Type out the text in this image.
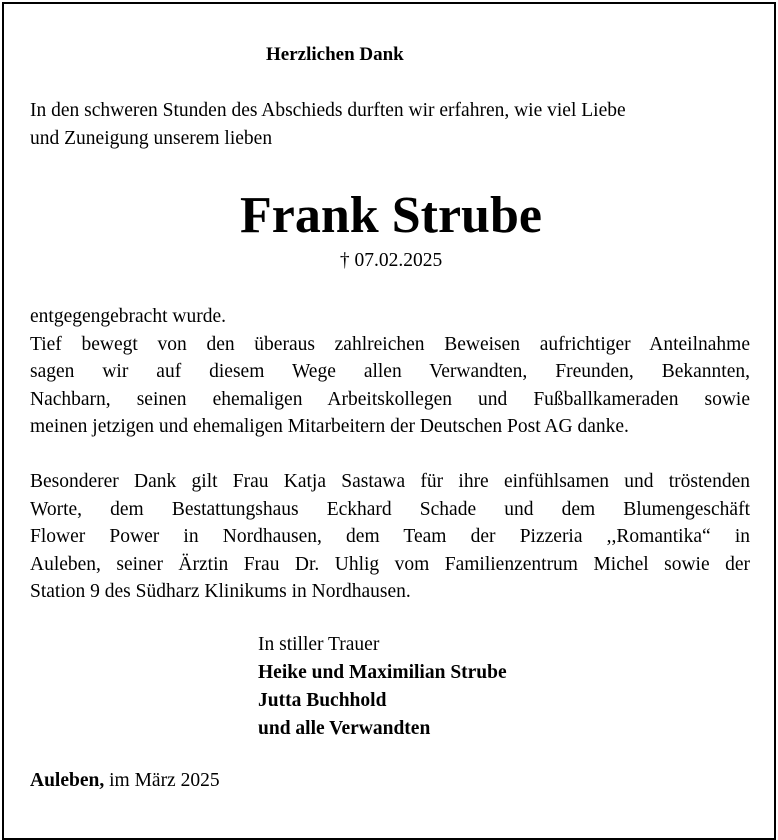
Herzlichen Dank
In den schweren Stunden des Abschieds durften wir erfahren, wie viel Liebe
und Zuneigung unserem lieben
Frank Strube
† 07.02.2025
entgegengebracht wurde.
Tief bewegt von den überaus zahlreichen Beweisen aufrichtiger Anteilnahme
sagen wir auf diesem Wege allen Verwandten, Freunden, Bekannten,
Nachbarn, seinen ehemaligen Arbeitskollegen und Fußballkameraden sowie
meinen jetzigen und ehemaligen Mitarbeitern der Deutschen Post AG danke.
Besonderer Dank gilt Frau Katja Sastawa für ihre einfühlsamen und tröstenden
Worte, dem Bestattungshaus Eckhard Schade und dem Blumengeschäft
Flower Power in Nordhausen, dem Team der Pizzeria ,,Romantika“ in
Auleben, seiner Ärztin Frau Dr. Uhlig vom Familienzentrum Michel sowie der
Station 9 des Südharz Klinikums in Nordhausen.
In stiller Trauer
Heike und Maximilian Strube
Jutta Buchhold
und alle Verwandten
Auleben, im März 2025
